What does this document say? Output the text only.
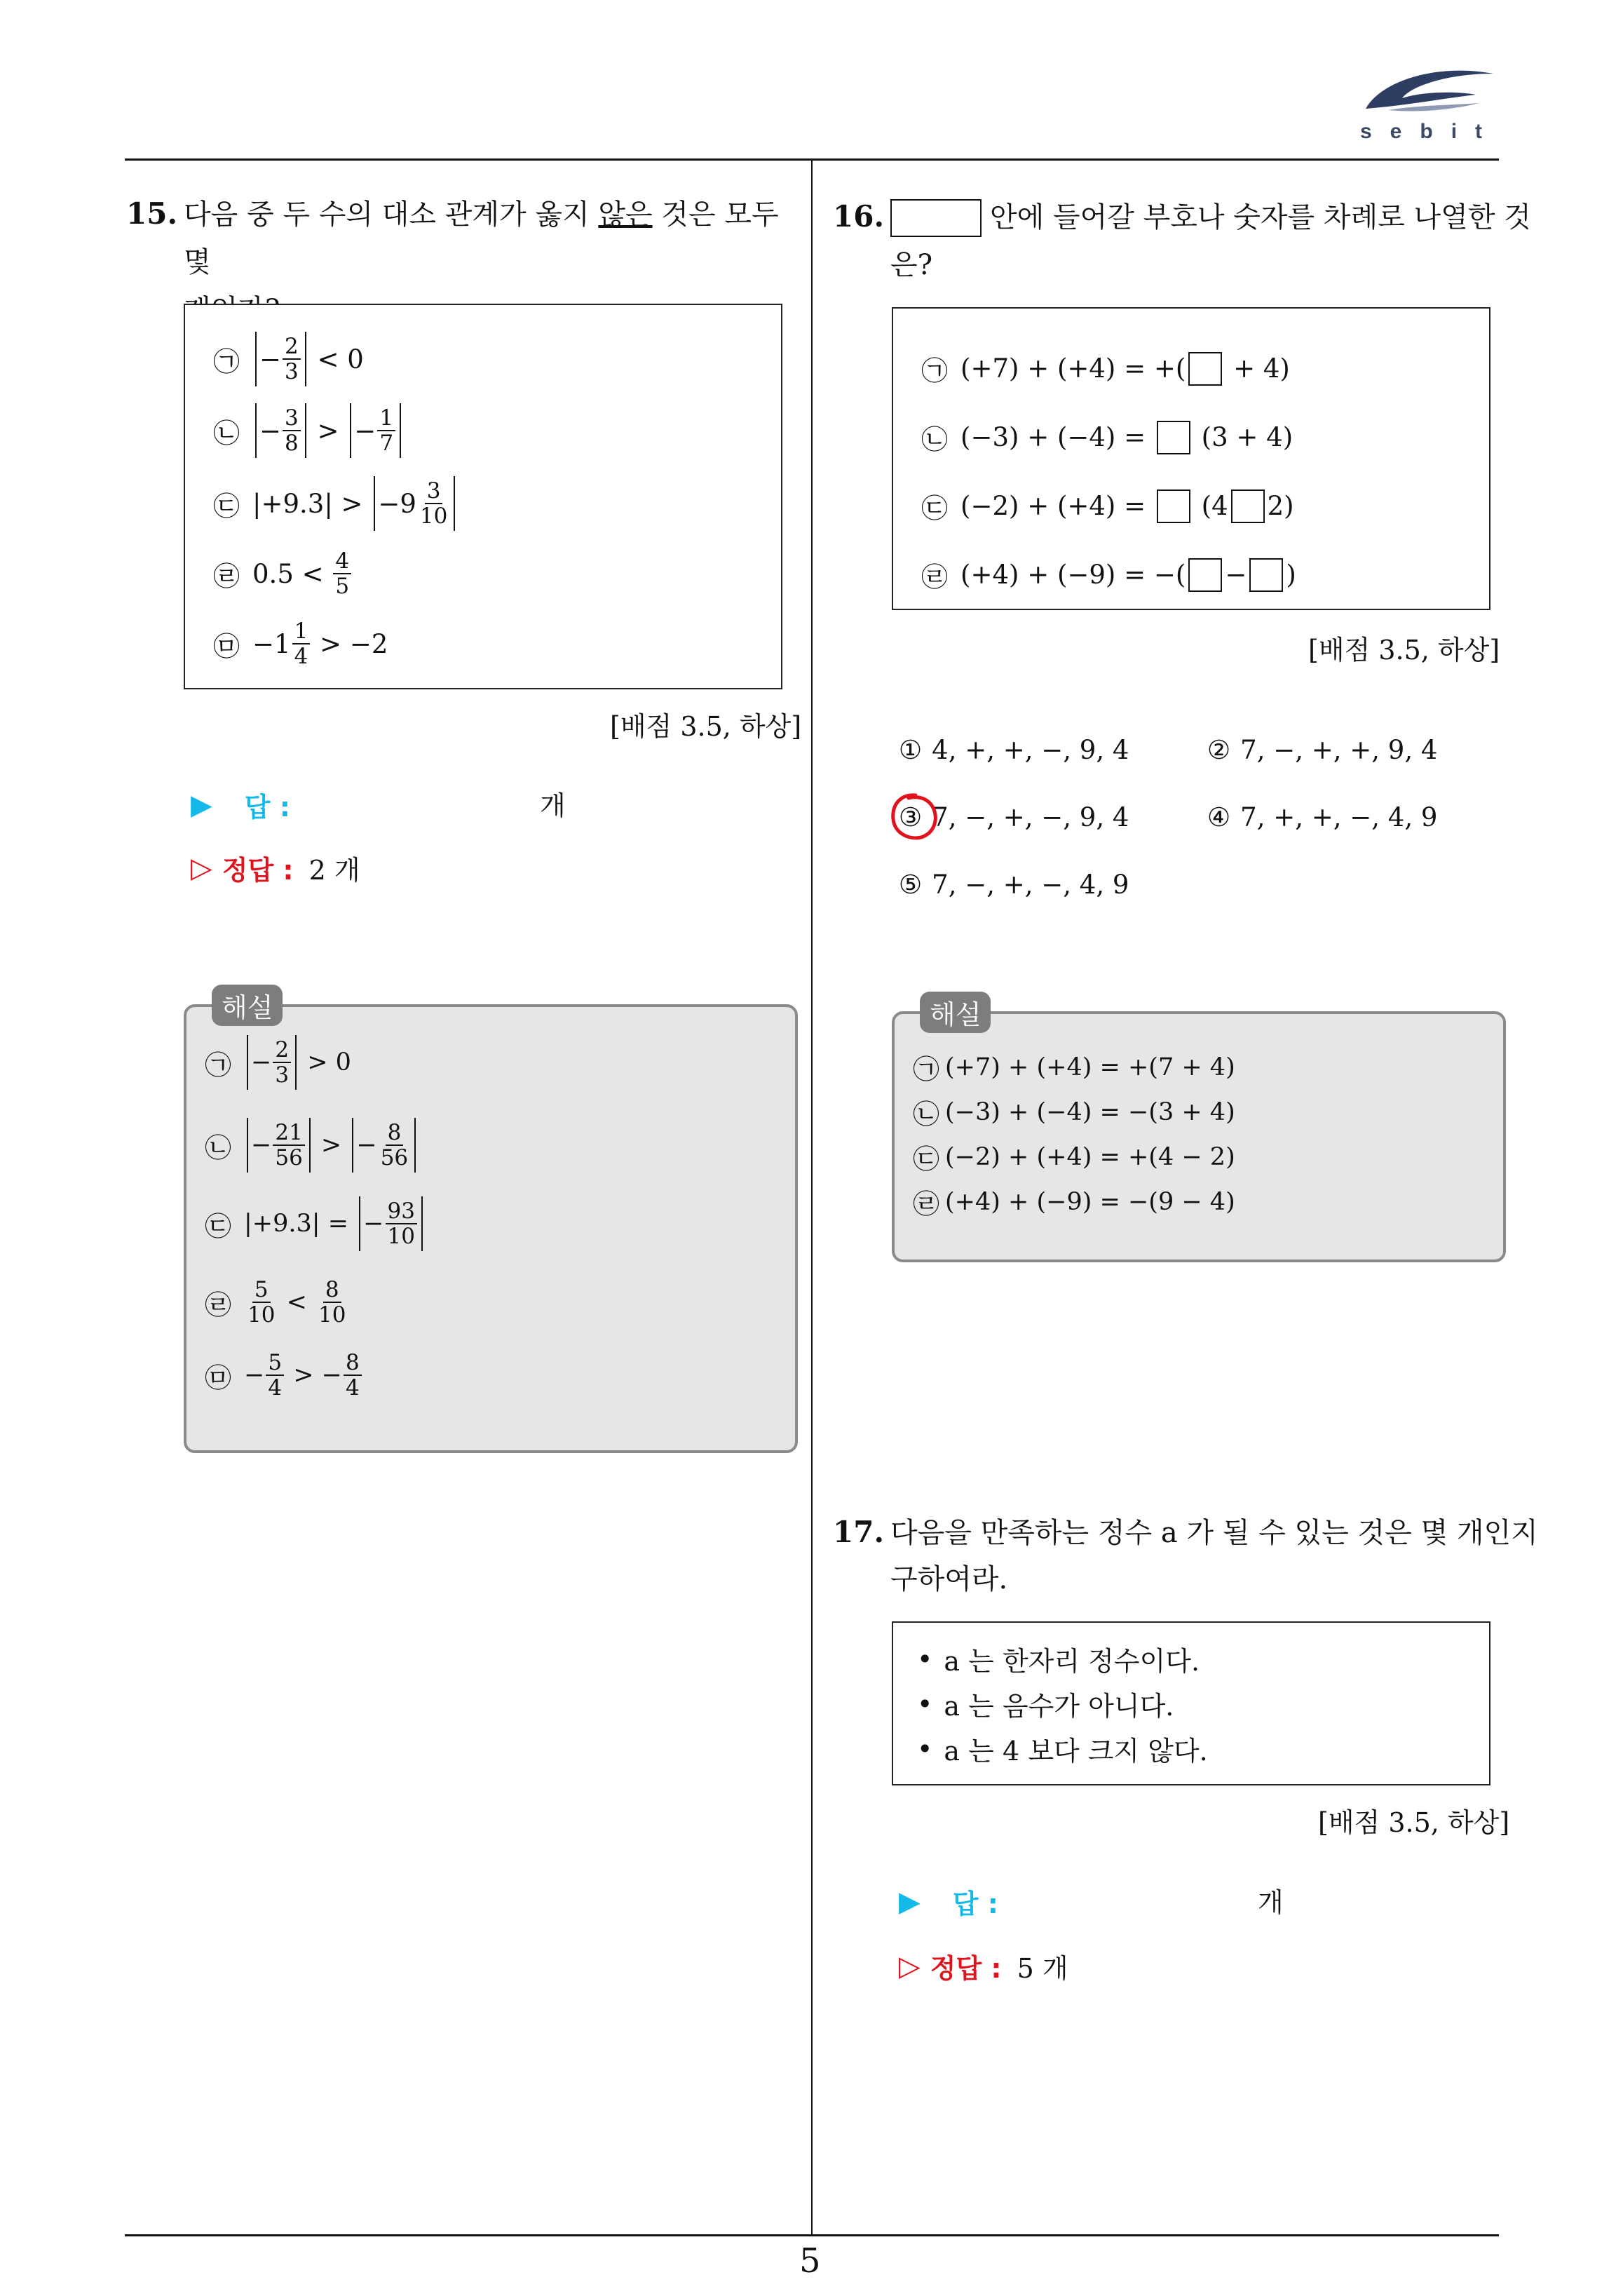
sebit
15. 다음 중 두 수의 대소 관계가 옳지 않은 것은 모두 몇

㉠ − $\frac{2}{3} < 0$
㉡ − $\frac{3}{8}$ >
− $\frac{1}{7}$
㉢ |+9.3| >
$-9 \frac{3}{10}$
㉣ $0.5 < \frac{4}{5}$
㉤ $-1 \frac{1}{4} > -2$
[배점 3.5, 하상]
▶ 답 :	개
▷ 정답 : 2 개
㉠ − $\frac{2}{3} > 0$
㉡ − $\frac{21}{56}$ >
− $\frac{8}{56}$
㉢ |+9.3| =
− $\frac{93}{10}$
㉣ $\frac{5}{10} < \frac{8}{10}$
㉤ − $\frac{5}{4}$ > − $\frac{8}{4}$
해설
16.	안에 들어갈 부호나 숫자를 차례로 나열한 것
은?
㉠ (+7) + (+4) = +(
+ 4)
㉡ (−3) + (−4) =
(3 + 4)
㉢ (−2) + (+4) =
(4 2)
㉣ (+4) + (−9) = −( − )
[배점 3.5, 하상]
① 4, +, +, −, 9, 4	② 7, −, +, +, 9, 4
③ 7, −, +, −, 9, 4	④ 7, +, +, −, 4, 9
⑤ 7, −, +, −, 4, 9
㉠ (+7) + (+4) = +(7 + 4)
㉡ (−3) + (−4) = −(3 + 4)
㉢ (−2) + (+4) = +(4 − 2)
㉣ (+4) + (−9) = −(9 − 4)
해설
17. 다음을 만족하는 정수 a 가 될 수 있는 것은 몇 개인지
구하여라.
• a 는 한자리 정수이다.
• a 는 음수가 아니다.
• a 는 4 보다 크지 않다.
[배점 3.5, 하상]
▶ 답 :	개
▷ 정답 : 5 개
5
